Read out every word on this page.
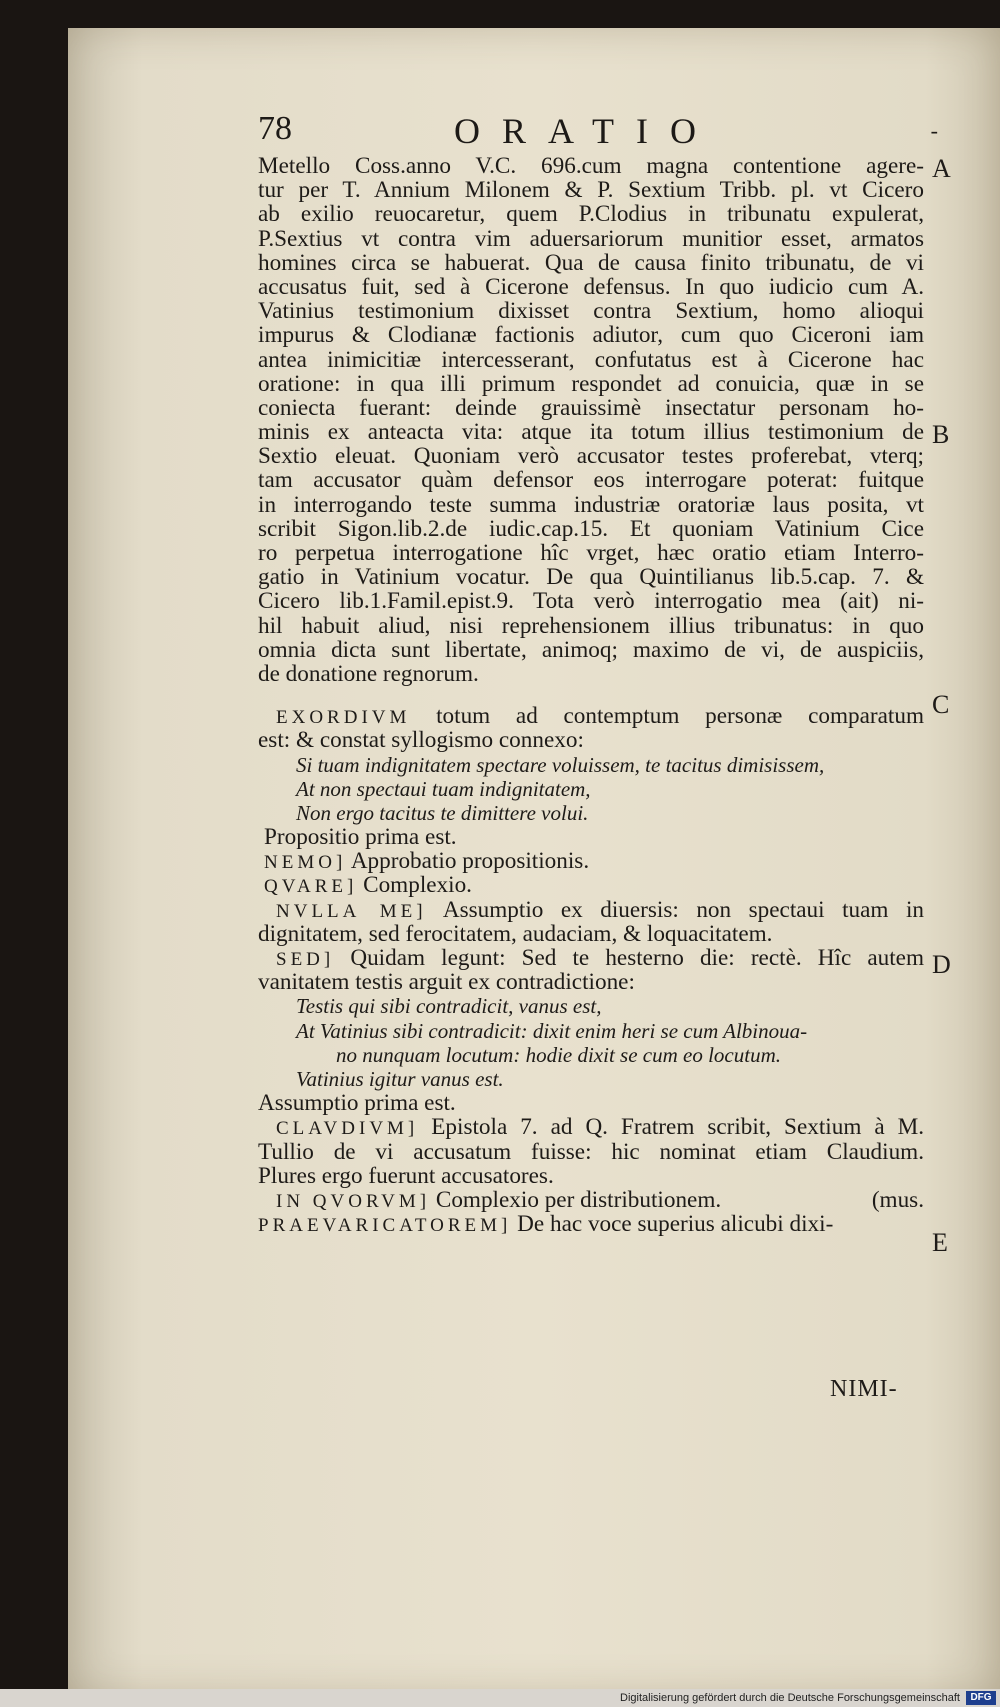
78	ORATIO	-
A
B
C
D
E
Metello Coss.anno V.C. 696.cum magna contentione agere-
tur per T. Annium Milonem & P. Sextium Tribb. pl. vt Cicero
ab exilio reuocaretur, quem P.Clodius in tribunatu expulerat,
P.Sextius vt contra vim aduersariorum munitior esset, armatos
homines circa se habuerat. Qua de causa finito tribunatu, de vi
accusatus fuit, sed à Cicerone defensus. In quo iudicio cum A.
Vatinius testimonium dixisset contra Sextium, homo alioqui
impurus & Clodianæ factionis adiutor, cum quo Ciceroni iam
antea inimicitiæ intercesserant, confutatus est à Cicerone hac
oratione: in qua illi primum respondet ad conuicia, quæ in se
coniecta fuerant: deinde grauissimè insectatur personam ho-
minis ex anteacta vita: atque ita totum illius testimonium de
Sextio eleuat. Quoniam verò accusator testes proferebat, vterq;
tam accusator quàm defensor eos interrogare poterat: fuitque
in interrogando teste summa industriæ oratoriæ laus posita, vt
scribit Sigon.lib.2.de iudic.cap.15. Et quoniam Vatinium Cice
ro perpetua interrogatione hîc vrget, hæc oratio etiam Interro-
gatio in Vatinium vocatur. De qua Quintilianus lib.5.cap. 7. &
Cicero lib.1.Famil.epist.9. Tota verò interrogatio mea (ait) ni-
hil habuit aliud, nisi reprehensionem illius tribunatus: in quo
omnia dicta sunt libertate, animoq; maximo de vi, de auspiciis,
de donatione regnorum.
EXORDIVM totum ad contemptum personæ comparatum
est: & constat syllogismo connexo:
Si tuam indignitatem spectare voluissem, te tacitus dimisissem,
At non spectaui tuam indignitatem,
Non ergo tacitus te dimittere volui.
Propositio prima est.
NEMO] Approbatio propositionis.
QVARE] Complexio.
NVLLA ME] Assumptio ex diuersis: non spectaui tuam in
dignitatem, sed ferocitatem, audaciam, & loquacitatem.
SED] Quidam legunt: Sed te hesterno die: rectè. Hîc autem
vanitatem testis arguit ex contradictione:
Testis qui sibi contradicit, vanus est,
At Vatinius sibi contradicit: dixit enim heri se cum Albinoua-
no nunquam locutum: hodie dixit se cum eo locutum.
Vatinius igitur vanus est.
Assumptio prima est.
CLAVDIVM] Epistola 7. ad Q. Fratrem scribit, Sextium à M.
Tullio de vi accusatum fuisse: hic nominat etiam Claudium.
Plures ergo fuerunt accusatores.
IN QVORVM] Complexio per distributionem.	(mus.
PRAEVARICATOREM] De hac voce superius alicubi dixi-
NIMI-
Digitalisierung gefördert durch die Deutsche Forschungsgemeinschaft	DFG
